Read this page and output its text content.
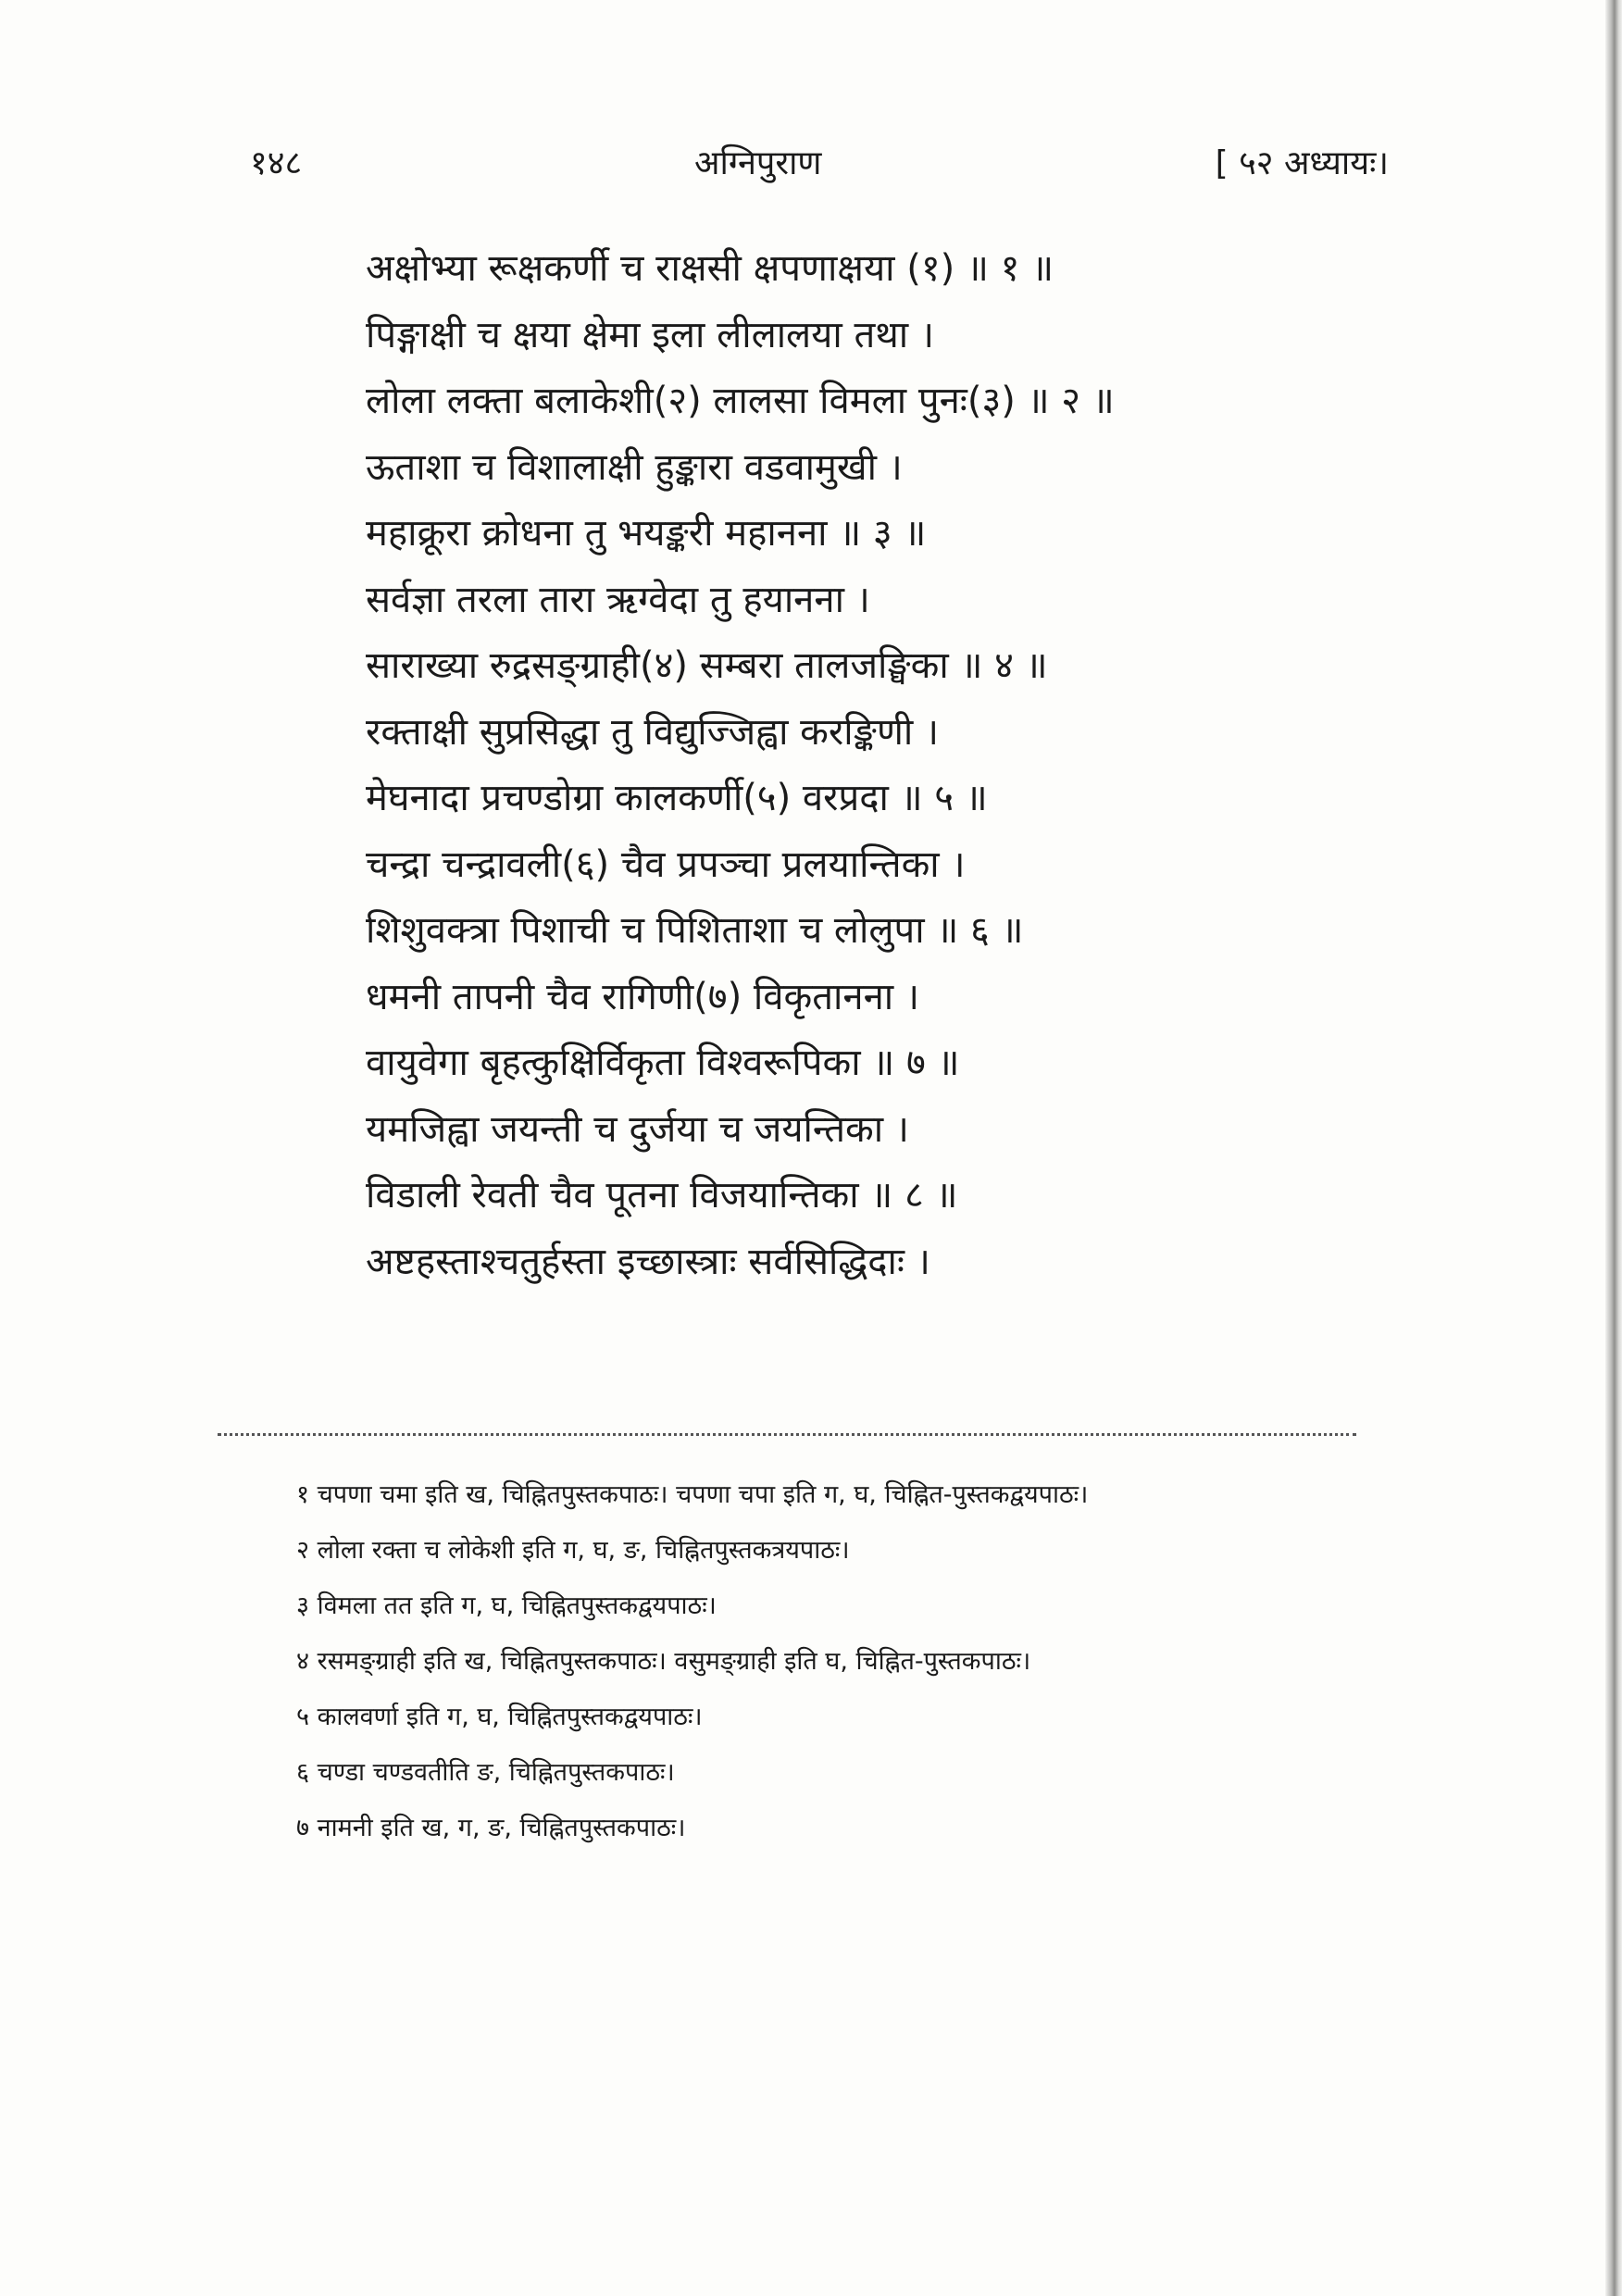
१४८	अग्निपुराण	[ ५२ अध्यायः।
अक्षोभ्या रूक्षकर्णी च राक्षसी क्षपणाक्षया (१) ॥ १ ॥
पिङ्गाक्षी च क्षया क्षेमा इला लीलालया तथा ।
लोला लक्ता बलाकेशी(२) लालसा विमला पुनः(३) ॥ २ ॥
ऊताशा च विशालाक्षी हुङ्कारा वडवामुखी ।
महाक्रूरा क्रोधना तु भयङ्करी महानना ॥ ३ ॥
सर्वज्ञा तरला तारा ऋग्वेदा तु हयानना ।
साराख्या रुद्रसङ्ग्राही(४) सम्बरा तालजङ्घिका ॥ ४ ॥
रक्ताक्षी सुप्रसिद्धा तु विद्युज्जिह्वा करङ्किणी ।
मेघनादा प्रचण्डोग्रा कालकर्णी(५) वरप्रदा ॥ ५ ॥
चन्द्रा चन्द्रावली(६) चैव प्रपञ्चा प्रलयान्तिका ।
शिशुवक्त्रा पिशाची च पिशिताशा च लोलुपा ॥ ६ ॥
धमनी तापनी चैव रागिणी(७) विकृतानना ।
वायुवेगा बृहत्कुक्षिर्विकृता विश्वरूपिका ॥ ७ ॥
यमजिह्वा जयन्ती च दुर्जया च जयन्तिका ।
विडाली रेवती चैव पूतना विजयान्तिका ॥ ८ ॥
अष्टहस्ताश्चतुर्हस्ता इच्छास्त्राः सर्वसिद्धिदाः ।

१ चपणा चमा इति ख, चिह्नितपुस्तकपाठः। चपणा चपा इति ग, घ, चिह्नित-पुस्तकद्वयपाठः।

२ लोला रक्ता च लोकेशी इति ग, घ, ङ, चिह्नितपुस्तकत्रयपाठः।

३ विमला तत इति ग, घ, चिह्नितपुस्तकद्वयपाठः।

४ रसमङ्ग्राही इति ख, चिह्नितपुस्तकपाठः। वसुमङ्ग्राही इति घ, चिह्नित-पुस्तकपाठः।

५ कालवर्णा इति ग, घ, चिह्नितपुस्तकद्वयपाठः।

६ चण्डा चण्डवतीति ङ, चिह्नितपुस्तकपाठः।

७ नामनी इति ख, ग, ङ, चिह्नितपुस्तकपाठः।
